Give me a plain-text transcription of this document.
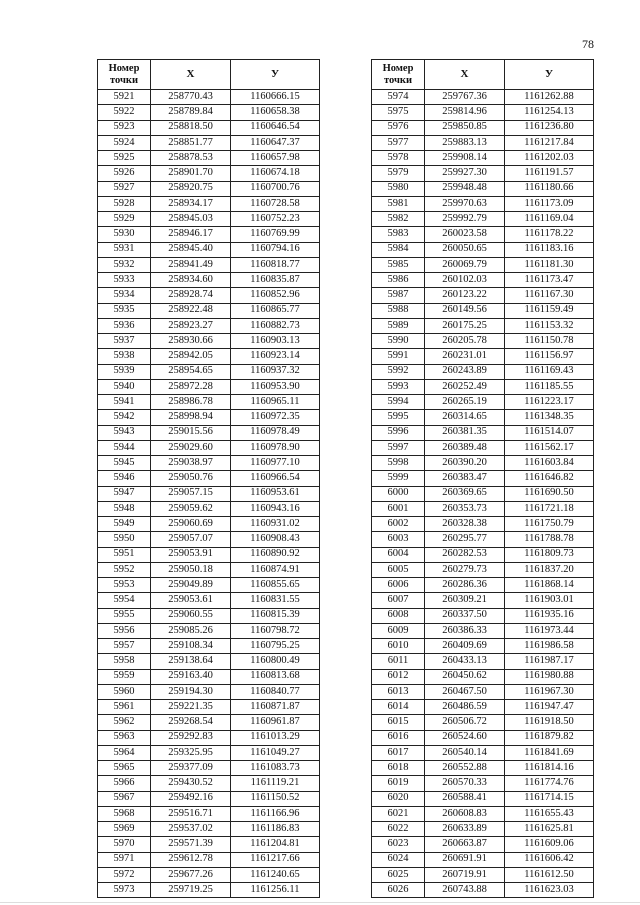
78
Номер
точки	X	У
5921	258770.43	1160666.15
5922	258789.84	1160658.38
5923	258818.50	1160646.54
5924	258851.77	1160647.37
5925	258878.53	1160657.98
5926	258901.70	1160674.18
5927	258920.75	1160700.76
5928	258934.17	1160728.58
5929	258945.03	1160752.23
5930	258946.17	1160769.99
5931	258945.40	1160794.16
5932	258941.49	1160818.77
5933	258934.60	1160835.87
5934	258928.74	1160852.96
5935	258922.48	1160865.77
5936	258923.27	1160882.73
5937	258930.66	1160903.13
5938	258942.05	1160923.14
5939	258954.65	1160937.32
5940	258972.28	1160953.90
5941	258986.78	1160965.11
5942	258998.94	1160972.35
5943	259015.56	1160978.49
5944	259029.60	1160978.90
5945	259038.97	1160977.10
5946	259050.76	1160966.54
5947	259057.15	1160953.61
5948	259059.62	1160943.16
5949	259060.69	1160931.02
5950	259057.07	1160908.43
5951	259053.91	1160890.92
5952	259050.18	1160874.91
5953	259049.89	1160855.65
5954	259053.61	1160831.55
5955	259060.55	1160815.39
5956	259085.26	1160798.72
5957	259108.34	1160795.25
5958	259138.64	1160800.49
5959	259163.40	1160813.68
5960	259194.30	1160840.77
5961	259221.35	1160871.87
5962	259268.54	1160961.87
5963	259292.83	1161013.29
5964	259325.95	1161049.27
5965	259377.09	1161083.73
5966	259430.52	1161119.21
5967	259492.16	1161150.52
5968	259516.71	1161166.96
5969	259537.02	1161186.83
5970	259571.39	1161204.81
5971	259612.78	1161217.66
5972	259677.26	1161240.65
5973	259719.25	1161256.11
Номер
точки	X	У
5974	259767.36	1161262.88
5975	259814.96	1161254.13
5976	259850.85	1161236.80
5977	259883.13	1161217.84
5978	259908.14	1161202.03
5979	259927.30	1161191.57
5980	259948.48	1161180.66
5981	259970.63	1161173.09
5982	259992.79	1161169.04
5983	260023.58	1161178.22
5984	260050.65	1161183.16
5985	260069.79	1161181.30
5986	260102.03	1161173.47
5987	260123.22	1161167.30
5988	260149.56	1161159.49
5989	260175.25	1161153.32
5990	260205.78	1161150.78
5991	260231.01	1161156.97
5992	260243.89	1161169.43
5993	260252.49	1161185.55
5994	260265.19	1161223.17
5995	260314.65	1161348.35
5996	260381.35	1161514.07
5997	260389.48	1161562.17
5998	260390.20	1161603.84
5999	260383.47	1161646.82
6000	260369.65	1161690.50
6001	260353.73	1161721.18
6002	260328.38	1161750.79
6003	260295.77	1161788.78
6004	260282.53	1161809.73
6005	260279.73	1161837.20
6006	260286.36	1161868.14
6007	260309.21	1161903.01
6008	260337.50	1161935.16
6009	260386.33	1161973.44
6010	260409.69	1161986.58
6011	260433.13	1161987.17
6012	260450.62	1161980.88
6013	260467.50	1161967.30
6014	260486.59	1161947.47
6015	260506.72	1161918.50
6016	260524.60	1161879.82
6017	260540.14	1161841.69
6018	260552.88	1161814.16
6019	260570.33	1161774.76
6020	260588.41	1161714.15
6021	260608.83	1161655.43
6022	260633.89	1161625.81
6023	260663.87	1161609.06
6024	260691.91	1161606.42
6025	260719.91	1161612.50
6026	260743.88	1161623.03
